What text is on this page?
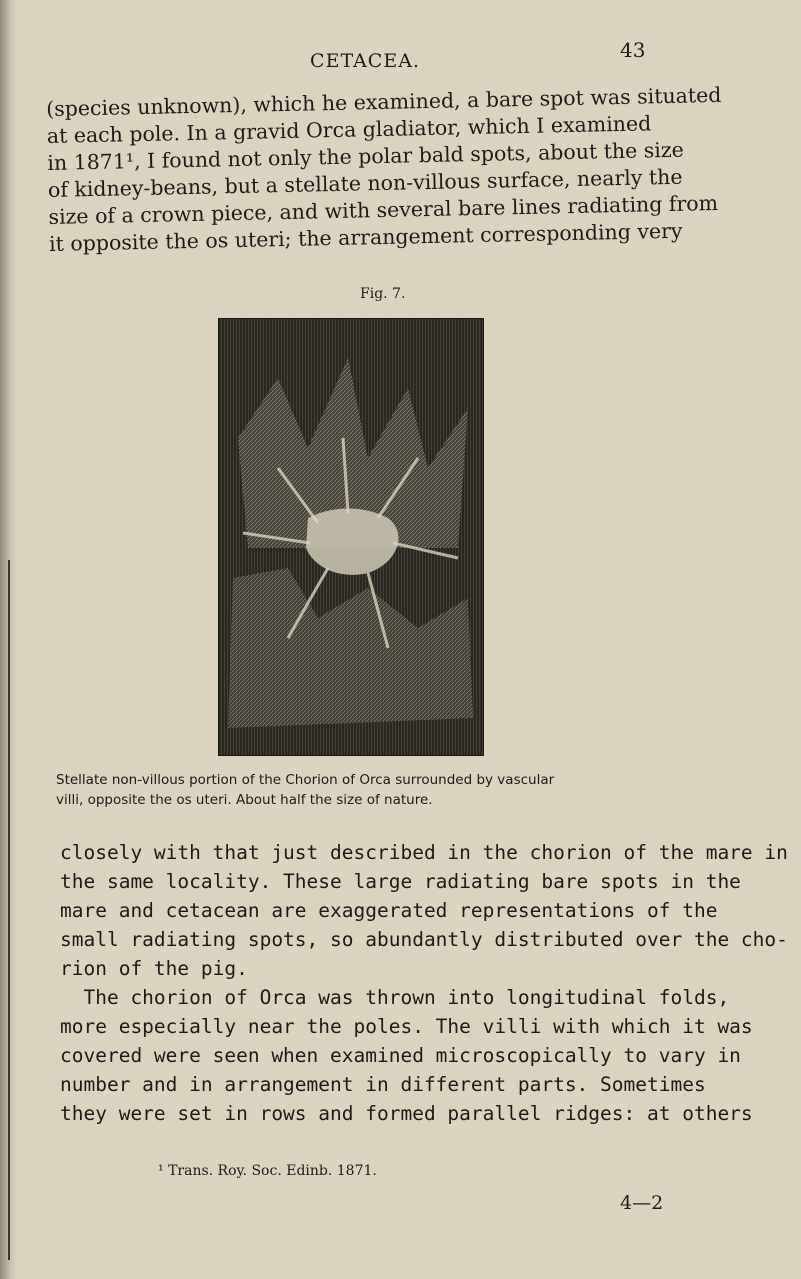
CETACEA.	43

(species unknown), which he examined, a bare spot was situated
at each pole. In a gravid Orca gladiator, which I examined
in 1871¹, I found not only the polar bald spots, about the size
of kidney-beans, but a stellate non-villous surface, nearly the
size of a crown piece, and with several bare lines radiating from
it opposite the os uteri; the arrangement corresponding very

Fig. 7.
Stellate non-villous portion of the Chorion of Orca surrounded by vascular
villi, opposite the os uteri. About half the size of nature.

closely with that just described in the chorion of the mare in
the same locality. These large radiating bare spots in the
mare and cetacean are exaggerated representations of the
small radiating spots, so abundantly distributed over the cho-
rion of the pig.
The chorion of Orca was thrown into longitudinal folds,
more especially near the poles. The villi with which it was
covered were seen when examined microscopically to vary in
number and in arrangement in different parts. Sometimes
they were set in rows and formed parallel ridges: at others

¹ Trans. Roy. Soc. Edinb. 1871.
4—2
